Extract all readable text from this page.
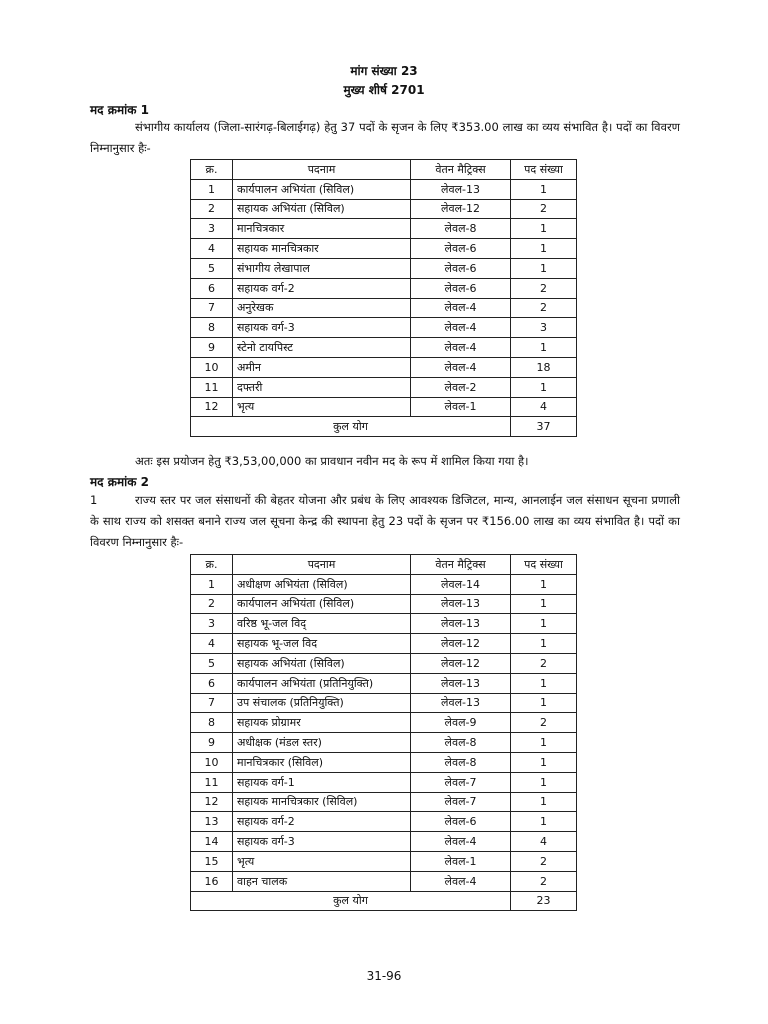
मांग संख्या 23
मुख्य शीर्ष 2701
मद क्रमांक 1
संभागीय कार्यालय (जिला-सारंगढ़-बिलाईगढ़) हेतु 37 पदों के सृजन के लिए ₹353.00 लाख का व्यय संभावित है। पदों का विवरण निम्नानुसार हैः-
क्र.	पदनाम	वेतन मैट्रिक्स	पद संख्या
1	कार्यपालन अभियंता (सिविल)	लेवल-13	1
2	सहायक अभियंता (सिविल)	लेवल-12	2
3	मानचित्रकार	लेवल-8	1
4	सहायक मानचित्रकार	लेवल-6	1
5	संभागीय लेखापाल	लेवल-6	1
6	सहायक वर्ग-2	लेवल-6	2
7	अनुरेखक	लेवल-4	2
8	सहायक वर्ग-3	लेवल-4	3
9	स्टेनो टायपिस्ट	लेवल-4	1
10	अमीन	लेवल-4	18
11	दफ्तरी	लेवल-2	1
12	भृत्य	लेवल-1	4
कुल योग			37
अतः इस प्रयोजन हेतु ₹3,53,00,000 का प्रावधान नवीन मद के रूप में शामिल किया गया है।
मद क्रमांक 2
1	राज्य स्तर पर जल संसाधनों की बेहतर योजना और प्रबंध के लिए आवश्यक डिजिटल, मान्य, आनलाईन जल संसाधन सूचना प्रणाली के साथ राज्य को शसक्त बनाने राज्य जल सूचना केन्द्र की स्थापना हेतु 23 पदों के सृजन पर ₹156.00 लाख का व्यय संभावित है। पदों का विवरण निम्नानुसार हैः-
क्र.	पदनाम	वेतन मैट्रिक्स	पद संख्या
1	अधीक्षण अभियंता (सिविल)	लेवल-14	1
2	कार्यपालन अभियंता (सिविल)	लेवल-13	1
3	वरिष्ठ भू-जल विद्	लेवल-13	1
4	सहायक भू-जल विद	लेवल-12	1
5	सहायक अभियंता (सिविल)	लेवल-12	2
6	कार्यपालन अभियंता (प्रतिनियुक्ति)	लेवल-13	1
7	उप संचालक (प्रतिनियुक्ति)	लेवल-13	1
8	सहायक प्रोग्रामर	लेवल-9	2
9	अधीक्षक (मंडल स्तर)	लेवल-8	1
10	मानचित्रकार (सिविल)	लेवल-8	1
11	सहायक वर्ग-1	लेवल-7	1
12	सहायक मानचित्रकार (सिविल)	लेवल-7	1
13	सहायक वर्ग-2	लेवल-6	1
14	सहायक वर्ग-3	लेवल-4	4
15	भृत्य	लेवल-1	2
16	वाहन चालक	लेवल-4	2
कुल योग			23
31-96
